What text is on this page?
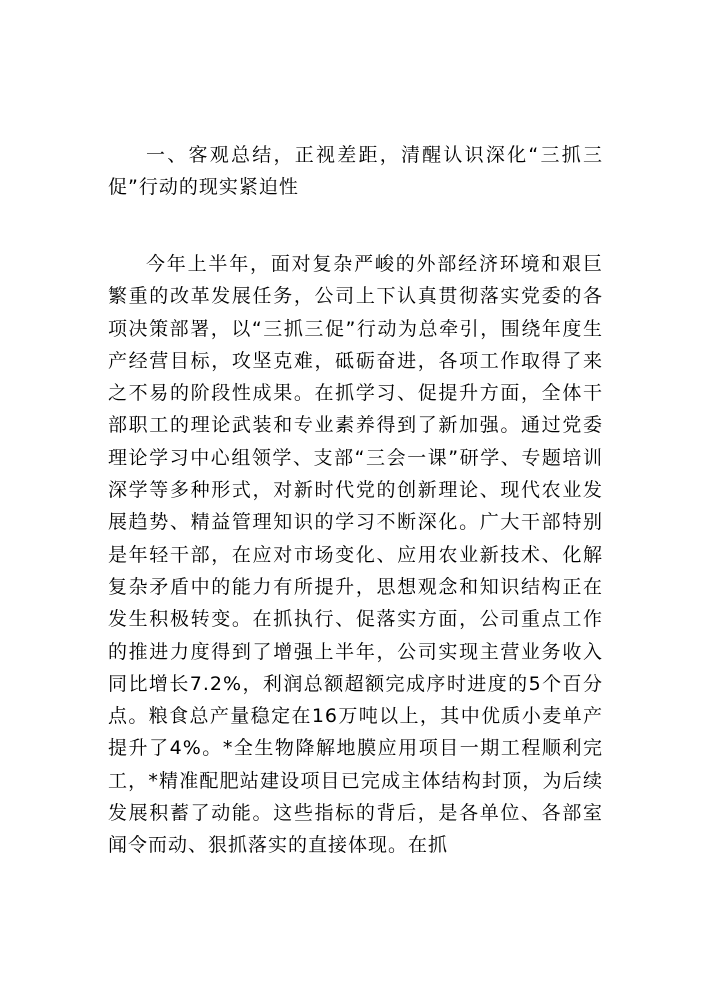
一、客观总结，正视差距，清醒认识深化“三抓三促”行动的现实紧迫性

今年上半年，面对复杂严峻的外部经济环境和艰巨繁重的改革发展任务，公司上下认真贯彻落实党委的各项决策部署，以“三抓三促”行动为总牵引，围绕年度生产经营目标，攻坚克难，砥砺奋进，各项工作取得了来之不易的阶段性成果。在抓学习、促提升方面，全体干部职工的理论武装和专业素养得到了新加强。通过党委理论学习中心组领学、支部“三会一课”研学、专题培训深学等多种形式，对新时代党的创新理论、现代农业发展趋势、精益管理知识的学习不断深化。广大干部特别是年轻干部，在应对市场变化、应用农业新技术、化解复杂矛盾中的能力有所提升，思想观念和知识结构正在发生积极转变。在抓执行、促落实方面，公司重点工作的推进力度得到了增强上半年，公司实现主营业务收入同比增长7.2%，利润总额超额完成序时进度的5个百分点。粮食总产量稳定在16万吨以上，其中优质小麦单产提升了4%。*全生物降解地膜应用项目一期工程顺利完工，*精准配肥站建设项目已完成主体结构封顶，为后续发展积蓄了动能。这些指标的背后，是各单位、各部室闻令而动、狠抓落实的直接体现。在抓
